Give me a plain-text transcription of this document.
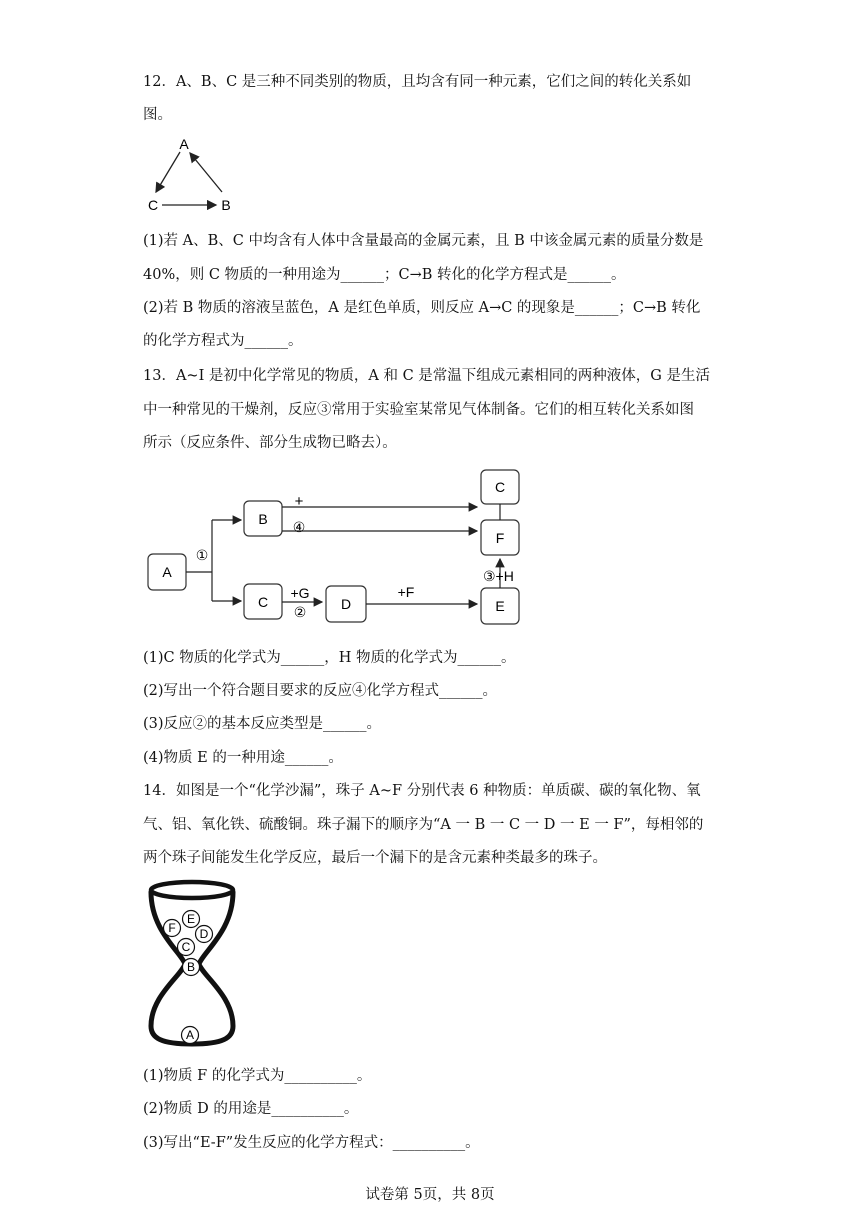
12．A、B、C 是三种不同类别的物质，且均含有同一种元素，它们之间的转化关系如
图。
A
C	B
(1)若 A、B、C 中均含有人体中含量最高的金属元素，且 B 中该金属元素的质量分数是
40%，则 C 物质的一种用途为______；C→B 转化的化学方程式是______。
(2)若 B 物质的溶液呈蓝色，A 是红色单质，则反应 A→C 的现象是______；C→B 转化
的化学方程式为______。
13．A~I 是初中化学常见的物质，A 和 C 是常温下组成元素相同的两种液体，G 是生活
中一种常见的干燥剂，反应③常用于实验室某常见气体制备。它们的相互转化关系如图
所示（反应条件、部分生成物已略去）。
A
B
C
F
C	D	E
①
+
④
+G
②
+F
③+H
(1)C 物质的化学式为______，H 物质的化学式为______。
(2)写出一个符合题目要求的反应④化学方程式______。
(3)反应②的基本反应类型是______。
(4)物质 E 的一种用途______。
14．如图是一个“化学沙漏”，珠子 A~F 分别代表 6 种物质：单质碳、碳的氧化物、氧
气、铝、氧化铁、硫酸铜。珠子漏下的顺序为“A 一 B 一 C 一 D 一 E 一 F”，每相邻的
两个珠子间能发生化学反应，最后一个漏下的是含元素种类最多的珠子。
F
E
D
C
B
A
(1)物质 F 的化学式为__________。
(2)物质 D 的用途是__________。
(3)写出“E-F”发生反应的化学方程式：__________。
试卷第 5页，共 8页
